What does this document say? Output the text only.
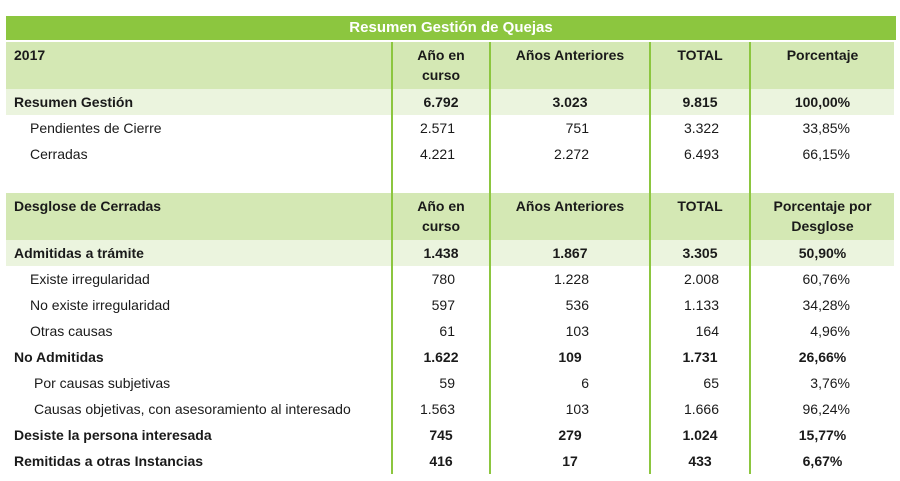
Resumen Gestión de Quejas
2017	Año en curso	Años Anteriores	TOTAL	Porcentaje
Resumen Gestión	6.792	3.023	9.815	100,00%
Pendientes de Cierre	2.571	751	3.322	33,85%
Cerradas	4.221	2.272	6.493	66,15%

Desglose de Cerradas	Año en curso	Años Anteriores	TOTAL	Porcentaje por Desglose
Admitidas a trámite	1.438	1.867	3.305	50,90%
Existe irregularidad	780	1.228	2.008	60,76%
No existe irregularidad	597	536	1.133	34,28%
Otras causas	61	103	164	4,96%
No Admitidas	1.622	109	1.731	26,66%
Por causas subjetivas	59	6	65	3,76%
Causas objetivas, con asesoramiento al interesado	1.563	103	1.666	96,24%
Desiste la persona interesada	745	279	1.024	15,77%
Remitidas a otras Instancias	416	17	433	6,67%
